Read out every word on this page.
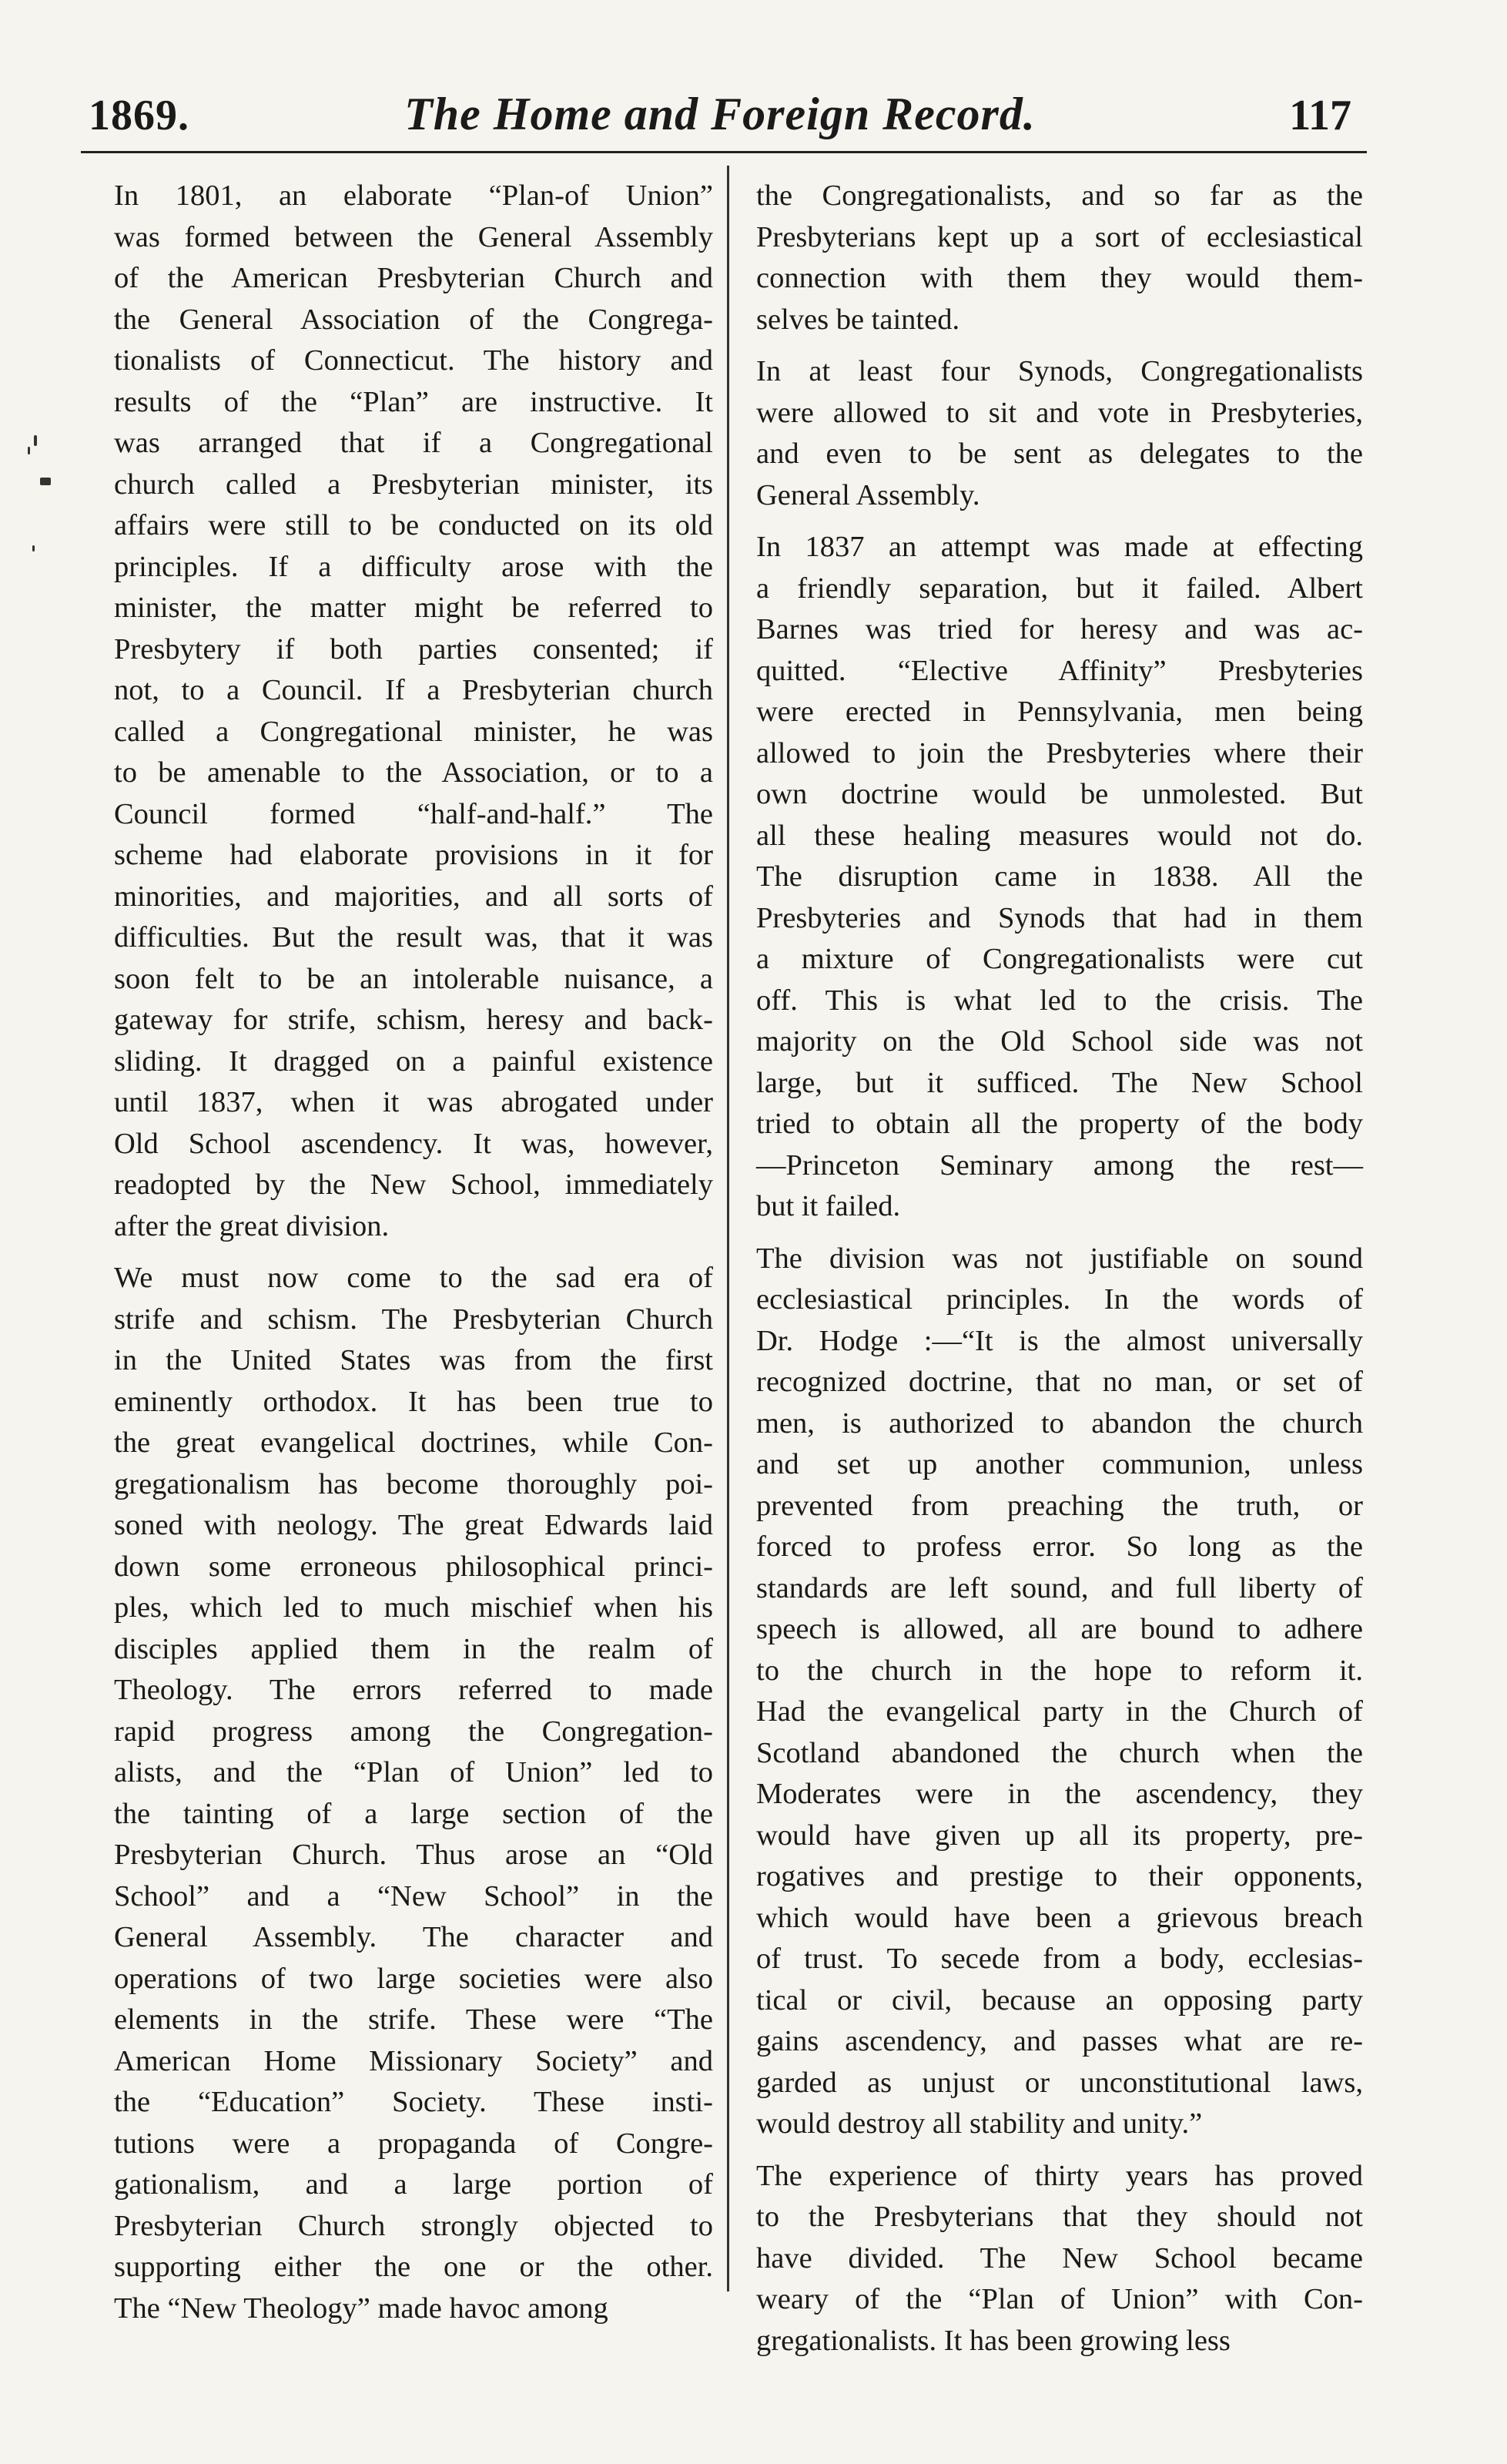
1869.	The Home and Foreign Record.	117

In 1801, an elaborate “Plan-of Union”
was formed between the General Assembly
of the American Presbyterian Church and
the General Association of the Congrega-
tionalists of Connecticut. The history and
results of the “Plan” are instructive. It
was arranged that if a Congregational
church called a Presbyterian minister, its
affairs were still to be conducted on its old
principles. If a difficulty arose with the
minister, the matter might be referred to
Presbytery if both parties consented; if
not, to a Council. If a Presbyterian church
called a Congregational minister, he was
to be amenable to the Association, or to a
Council formed “half-and-half.” The
scheme had elaborate provisions in it for
minorities, and majorities, and all sorts of
difficulties. But the result was, that it was
soon felt to be an intolerable nuisance, a
gateway for strife, schism, heresy and back-
sliding. It dragged on a painful existence
until 1837, when it was abrogated under
Old School ascendency. It was, however,
readopted by the New School, immediately
after the great division.

We must now come to the sad era of
strife and schism. The Presbyterian Church
in the United States was from the first
eminently orthodox. It has been true to
the great evangelical doctrines, while Con-
gregationalism has become thoroughly poi-
soned with neology. The great Edwards laid
down some erroneous philosophical princi-
ples, which led to much mischief when his
disciples applied them in the realm of
Theology. The errors referred to made
rapid progress among the Congregation-
alists, and the “Plan of Union” led to
the tainting of a large section of the
Presbyterian Church. Thus arose an “Old
School” and a “New School” in the
General Assembly. The character and
operations of two large societies were also
elements in the strife. These were “The
American Home Missionary Society” and
the “Education” Society. These insti-
tutions were a propaganda of Congre-
gationalism, and a large portion of
Presbyterian Church strongly objected to
supporting either the one or the other.
The “New Theology” made havoc among

the Congregationalists, and so far as the
Presbyterians kept up a sort of ecclesiastical
connection with them they would them-
selves be tainted.

In at least four Synods, Congregationalists
were allowed to sit and vote in Presbyteries,
and even to be sent as delegates to the
General Assembly.

In 1837 an attempt was made at effecting
a friendly separation, but it failed. Albert
Barnes was tried for heresy and was ac-
quitted. “Elective Affinity” Presbyteries
were erected in Pennsylvania, men being
allowed to join the Presbyteries where their
own doctrine would be unmolested. But
all these healing measures would not do.
The disruption came in 1838. All the
Presbyteries and Synods that had in them
a mixture of Congregationalists were cut
off. This is what led to the crisis. The
majority on the Old School side was not
large, but it sufficed. The New School
tried to obtain all the property of the body
—Princeton Seminary among the rest—
but it failed.

The division was not justifiable on sound
ecclesiastical principles. In the words of
Dr. Hodge :—“It is the almost universally
recognized doctrine, that no man, or set of
men, is authorized to abandon the church
and set up another communion, unless
prevented from preaching the truth, or
forced to profess error. So long as the
standards are left sound, and full liberty of
speech is allowed, all are bound to adhere
to the church in the hope to reform it.
Had the evangelical party in the Church of
Scotland abandoned the church when the
Moderates were in the ascendency, they
would have given up all its property, pre-
rogatives and prestige to their opponents,
which would have been a grievous breach
of trust. To secede from a body, ecclesias-
tical or civil, because an opposing party
gains ascendency, and passes what are re-
garded as unjust or unconstitutional laws,
would destroy all stability and unity.”

The experience of thirty years has proved
to the Presbyterians that they should not
have divided. The New School became
weary of the “Plan of Union” with Con-
gregationalists. It has been growing less
